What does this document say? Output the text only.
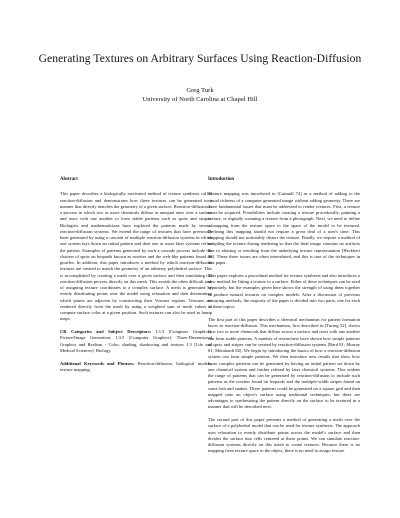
Generating Textures on Arbitrary Surfaces Using Reaction-Diffusion
Greg Turk
University of North Carolina at Chapel Hill
Abstract
This paper describes a biologically motivated method of texture synthesis called reaction-diffusion and demonstrates how these textures can be generated in a manner that directly matches the geometry of a given surface. Reaction-diffusion is a process in which two or more chemicals diffuse at unequal rates over a surface and react with one another to form stable patterns such as spots and stripes. Biologists and mathematicians have explored the patterns made by several reaction-diffusion systems. We extend the range of textures that have previously been generated by using a cascade of multiple reaction-diffusion systems in which one system lays down an initial pattern and then one or more later systems refine the pattern. Examples of patterns generated by such a cascade process include the clusters of spots on leopards known as rosettes and the web-like patterns found on giraffes. In addition, this paper introduces a method by which reaction-diffusion textures are created to match the geometry of an arbitrary polyhedral surface. This is accomplished by creating a mesh over a given surface and then simulating the reaction-diffusion process directly on this mesh. This avoids the often difficult task of assigning texture coordinates to a complex surface. A mesh is generated by evenly distributing points over the model using relaxation and then determining which points are adjacent by constructing their Voronoi regions. Textures are rendered directly from the mesh by using a weighted sum of mesh values to compute surface color at a given position. Such textures can also be used as bump maps.
CR Categories and Subject Descriptors: I.3.3 [Computer Graphics]: Picture/Image Generation; I.3.5 [Computer Graphics]: Three-Dimensional Graphics and Realism - Color, shading, shadowing and texture; J.3 [Life and Medical Sciences]: Biology.
Additional Keywords and Phrases: Reaction-diffusion, biological models, texture mapping.
Introduction
Texture mapping was introduced in [Catmull 74] as a method of adding to the visual richness of a computer generated image without adding geometry. There are three fundamental issues that must be addressed to render textures. First, a texture must be acquired. Possibilities include creating a texture procedurally, painting a texture, or digitally scanning a texture from a photograph. Next, we need to define a mapping from the texture space to the space of the model to be textured. Defining this mapping should not require a great deal of a user's time. This mapping should not noticeably distort the texture. Finally, we require a method of sampling the texture during rendering so that the final image contains no artifacts due to aliasing or resulting from the underlying texture representation [Heckbert 89]. These three issues are often interrelated, and this is true of the techniques in this paper.
This paper explores a procedural method for texture synthesis and also introduces a new method for fitting a texture to a surface. Either of these techniques can be used separately, but the examples given here shows the strength of using them together to produce natural textures on complex models. After a discussion of previous texturing methods, the majority of the paper is divided into two parts, one for each of these topics.
The first part of this paper describes a chemical mechanism for pattern formation know as reaction-diffusion. This mechanism, first described in [Turing 52], shows how two or more chemicals that diffuse across a surface and react with one another can form stable patterns. A number of researchers have shown how simple patterns of spots and stripes can be created by reaction-diffusion systems [Bard 81; Murray 81; Meinhardt 82]. We begin by introducing the basics of how a reaction-diffusion system can form simple patterns. We then introduce new results that show how more complex patterns can be generated by having an initial pattern set down by one chemical system and further refined by later chemical systems. This widens the range of patterns that can be generated by reaction-diffusion to include such patterns as the rosettes found on leopards and the multiple-width stripes found on some fish and snakes. These patterns could be generated on a square grid and then mapped onto an object's surface using traditional techniques, but there are advantages to synthesizing the pattern directly on the surface to be textured in a manner that will be described next.
The second part of this paper presents a method of generating a mesh over the surface of a polyhedral model that can be used for texture synthesis. The approach uses relaxation to evenly distribute points across the model's surface and then divides the surface into cells centered at these points. We can simulate reaction-diffusion systems directly on this mesh to create textures. Because there is no mapping from texture space to the object, there is no need to assign texture
